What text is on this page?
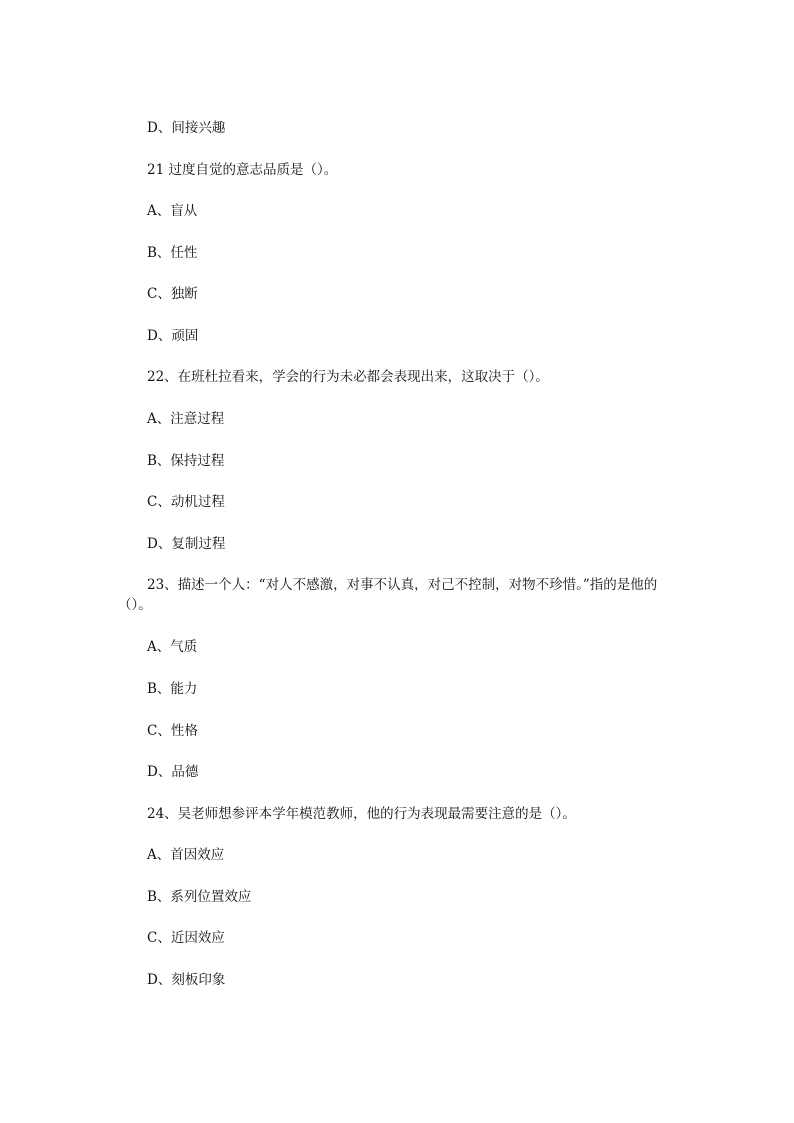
D、间接兴趣
21 过度自觉的意志品质是（）。
A、盲从
B、任性
C、独断
D、顽固
22、在班杜拉看来，学会的行为未必都会表现出来，这取决于（）。
A、注意过程
B、保持过程
C、动机过程
D、复制过程
23、描述一个人：“对人不感激，对事不认真，对己不控制，对物不珍惜。”指的是他的（）。
A、气质
B、能力
C、性格
D、品德
24、吴老师想参评本学年模范教师，他的行为表现最需要注意的是（）。
A、首因效应
B、系列位置效应
C、近因效应
D、刻板印象
